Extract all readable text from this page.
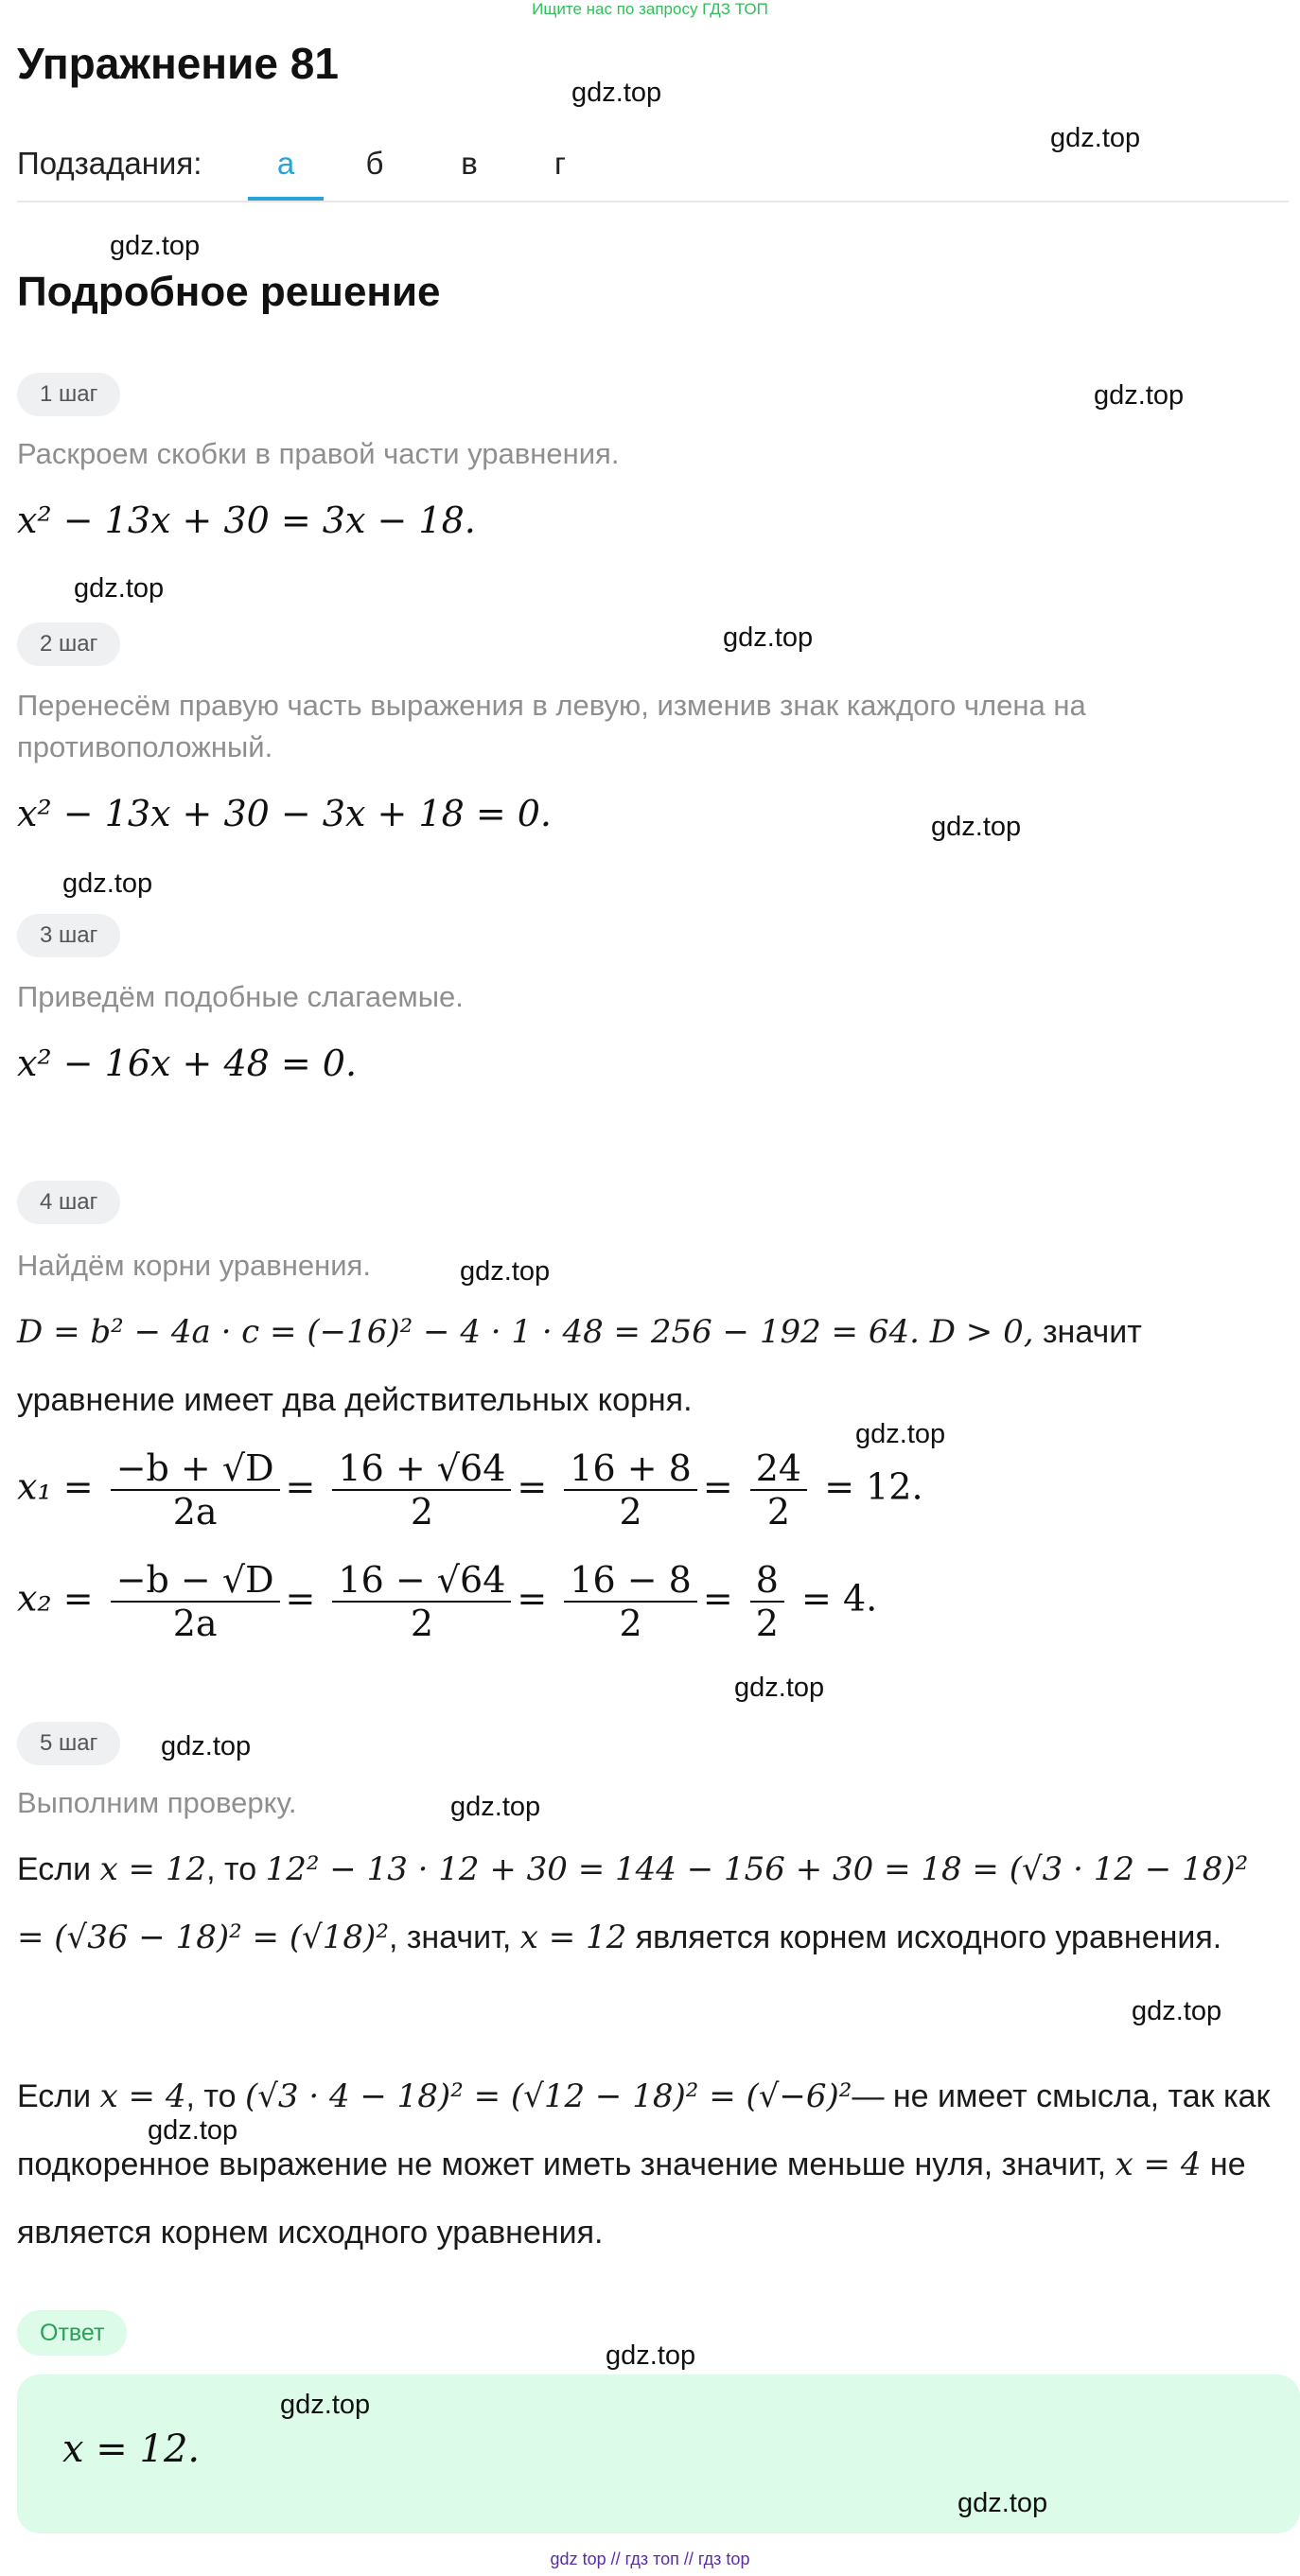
Ищите нас по запросу ГДЗ ТОП
Упражнение 81
Подзадания:	а	б	в	г
Подробное решение
1 шаг
Раскроем скобки в правой части уравнения.
x² − 13x + 30 = 3x − 18.
2 шаг
Перенесём правую часть выражения в левую, изменив знак каждого члена на противоположный.
x² − 13x + 30 − 3x + 18 = 0.
3 шаг
Приведём подобные слагаемые.
x² − 16x + 48 = 0.
4 шаг
Найдём корни уравнения.
D = b² − 4a · c = (−16)² − 4 · 1 · 48 = 256 − 192 = 64. D > 0, значит уравнение имеет два действительных корня.
$x_1 = \frac{-b + √D}{2a} = \frac{16 + √64}{2} = \frac{16 + 8}{2} = \frac{24}{2} = 12$.
$x_2 = \frac{-b - √D}{2a} = \frac{16 - √64}{2} = \frac{16 - 8}{2} = \frac{8}{2} = 4$.
5 шаг
Выполним проверку.
Если x = 12, то 12² − 13 · 12 + 30 = 144 − 156 + 30 = 18 = (√3 · 12 − 18)² = (√36 − 18)² = (√18)², значит, x = 12 является корнем исходного уравнения.
Если x = 4, то (√3 · 4 − 18)² = (√12 − 18)² = (√−6)²— не имеет смысла, так как подкоренное выражение не может иметь значение меньше нуля, значит, x = 4 не является корнем исходного уравнения.
Ответ
x = 12.
gdz.top
gdz.top
gdz.top
gdz.top
gdz.top
gdz.top
gdz.top
gdz.top
gdz.top
gdz.top
gdz.top
gdz.top
gdz.top
gdz.top
gdz.top
gdz.top
gdz.top
gdz.top
gdz top // гдз топ // гдз top
